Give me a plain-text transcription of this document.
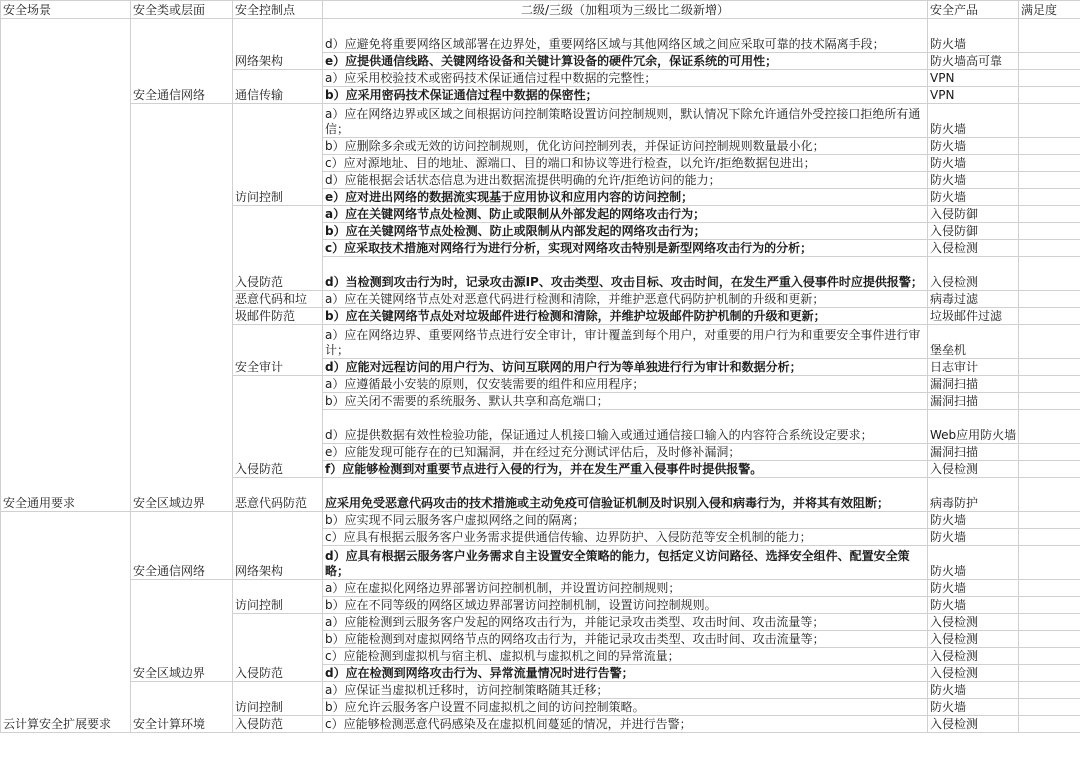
安全场景	安全类或层面	安全控制点	二级/三级（加粗项为三级比二级新增）	安全产品	满足度
安全通用要求	安全通信网络	网络架构	d）应避免将重要网络区域部署在边界处，重要网络区域与其他网络区域之间应采取可靠的技术隔离手段；	防火墙	
			e）应提供通信线路、关键网络设备和关键计算设备的硬件冗余，保证系统的可用性；	防火墙高可靠	
		通信传输	a）应采用校验技术或密码技术保证通信过程中数据的完整性；	VPN	
			b）应采用密码技术保证通信过程中数据的保密性；	VPN	
	安全区域边界	访问控制	a）应在网络边界或区域之间根据访问控制策略设置访问控制规则，默认情况下除允许通信外受控接口拒绝所有通信；	防火墙	
			b）应删除多余或无效的访问控制规则，优化访问控制列表，并保证访问控制规则数量最小化；	防火墙	
			c）应对源地址、目的地址、源端口、目的端口和协议等进行检查，以允许/拒绝数据包进出；	防火墙	
			d）应能根据会话状态信息为进出数据流提供明确的允许/拒绝访问的能力；	防火墙	
			e）应对进出网络的数据流实现基于应用协议和应用内容的访问控制；	防火墙	
		入侵防范	a）应在关键网络节点处检测、防止或限制从外部发起的网络攻击行为；	入侵防御	
			b）应在关键网络节点处检测、防止或限制从内部发起的网络攻击行为；	入侵防御	
			c）应采取技术措施对网络行为进行分析，实现对网络攻击特别是新型网络攻击行为的分析；	入侵检测	
			d）当检测到攻击行为时，记录攻击源IP、攻击类型、攻击目标、攻击时间，在发生严重入侵事件时应提供报警；	入侵检测	
		恶意代码和垃	a）应在关键网络节点处对恶意代码进行检测和清除，并维护恶意代码防护机制的升级和更新；	病毒过滤	
		圾邮件防范	b）应在关键网络节点处对垃圾邮件进行检测和清除，并维护垃圾邮件防护机制的升级和更新；	垃圾邮件过滤	
		安全审计	a）应在网络边界、重要网络节点进行安全审计，审计覆盖到每个用户，对重要的用户行为和重要安全事件进行审计；	堡垒机	
			d）应能对远程访问的用户行为、访问互联网的用户行为等单独进行行为审计和数据分析；	日志审计	
		入侵防范	a）应遵循最小安装的原则，仅安装需要的组件和应用程序；	漏洞扫描	
			b）应关闭不需要的系统服务、默认共享和高危端口；	漏洞扫描	
			d）应提供数据有效性检验功能，保证通过人机接口输入或通过通信接口输入的内容符合系统设定要求；	Web应用防火墙	
			e）应能发现可能存在的已知漏洞，并在经过充分测试评估后，及时修补漏洞；	漏洞扫描	
			f）应能够检测到对重要节点进行入侵的行为，并在发生严重入侵事件时提供报警。	入侵检测	
		恶意代码防范	应采用免受恶意代码攻击的技术措施或主动免疫可信验证机制及时识别入侵和病毒行为，并将其有效阻断；	病毒防护	
云计算安全扩展要求	安全通信网络	网络架构	b）应实现不同云服务客户虚拟网络之间的隔离；	防火墙	
			c）应具有根据云服务客户业务需求提供通信传输、边界防护、入侵防范等安全机制的能力；	防火墙	
			d）应具有根据云服务客户业务需求自主设置安全策略的能力，包括定义访问路径、选择安全组件、配置安全策略；	防火墙	
	安全区域边界	访问控制	a）应在虚拟化网络边界部署访问控制机制，并设置访问控制规则；	防火墙	
			b）应在不同等级的网络区域边界部署访问控制机制，设置访问控制规则。	防火墙	
		入侵防范	a）应能检测到云服务客户发起的网络攻击行为，并能记录攻击类型、攻击时间、攻击流量等；	入侵检测	
			b）应能检测到对虚拟网络节点的网络攻击行为，并能记录攻击类型、攻击时间、攻击流量等；	入侵检测	
			c）应能检测到虚拟机与宿主机、虚拟机与虚拟机之间的异常流量；	入侵检测	
			d）应在检测到网络攻击行为、异常流量情况时进行告警；	入侵检测	
	安全计算环境	访问控制	a）应保证当虚拟机迁移时，访问控制策略随其迁移；	防火墙	
			b）应允许云服务客户设置不同虚拟机之间的访问控制策略。	防火墙	
		入侵防范	c）应能够检测恶意代码感染及在虚拟机间蔓延的情况，并进行告警；	入侵检测	
